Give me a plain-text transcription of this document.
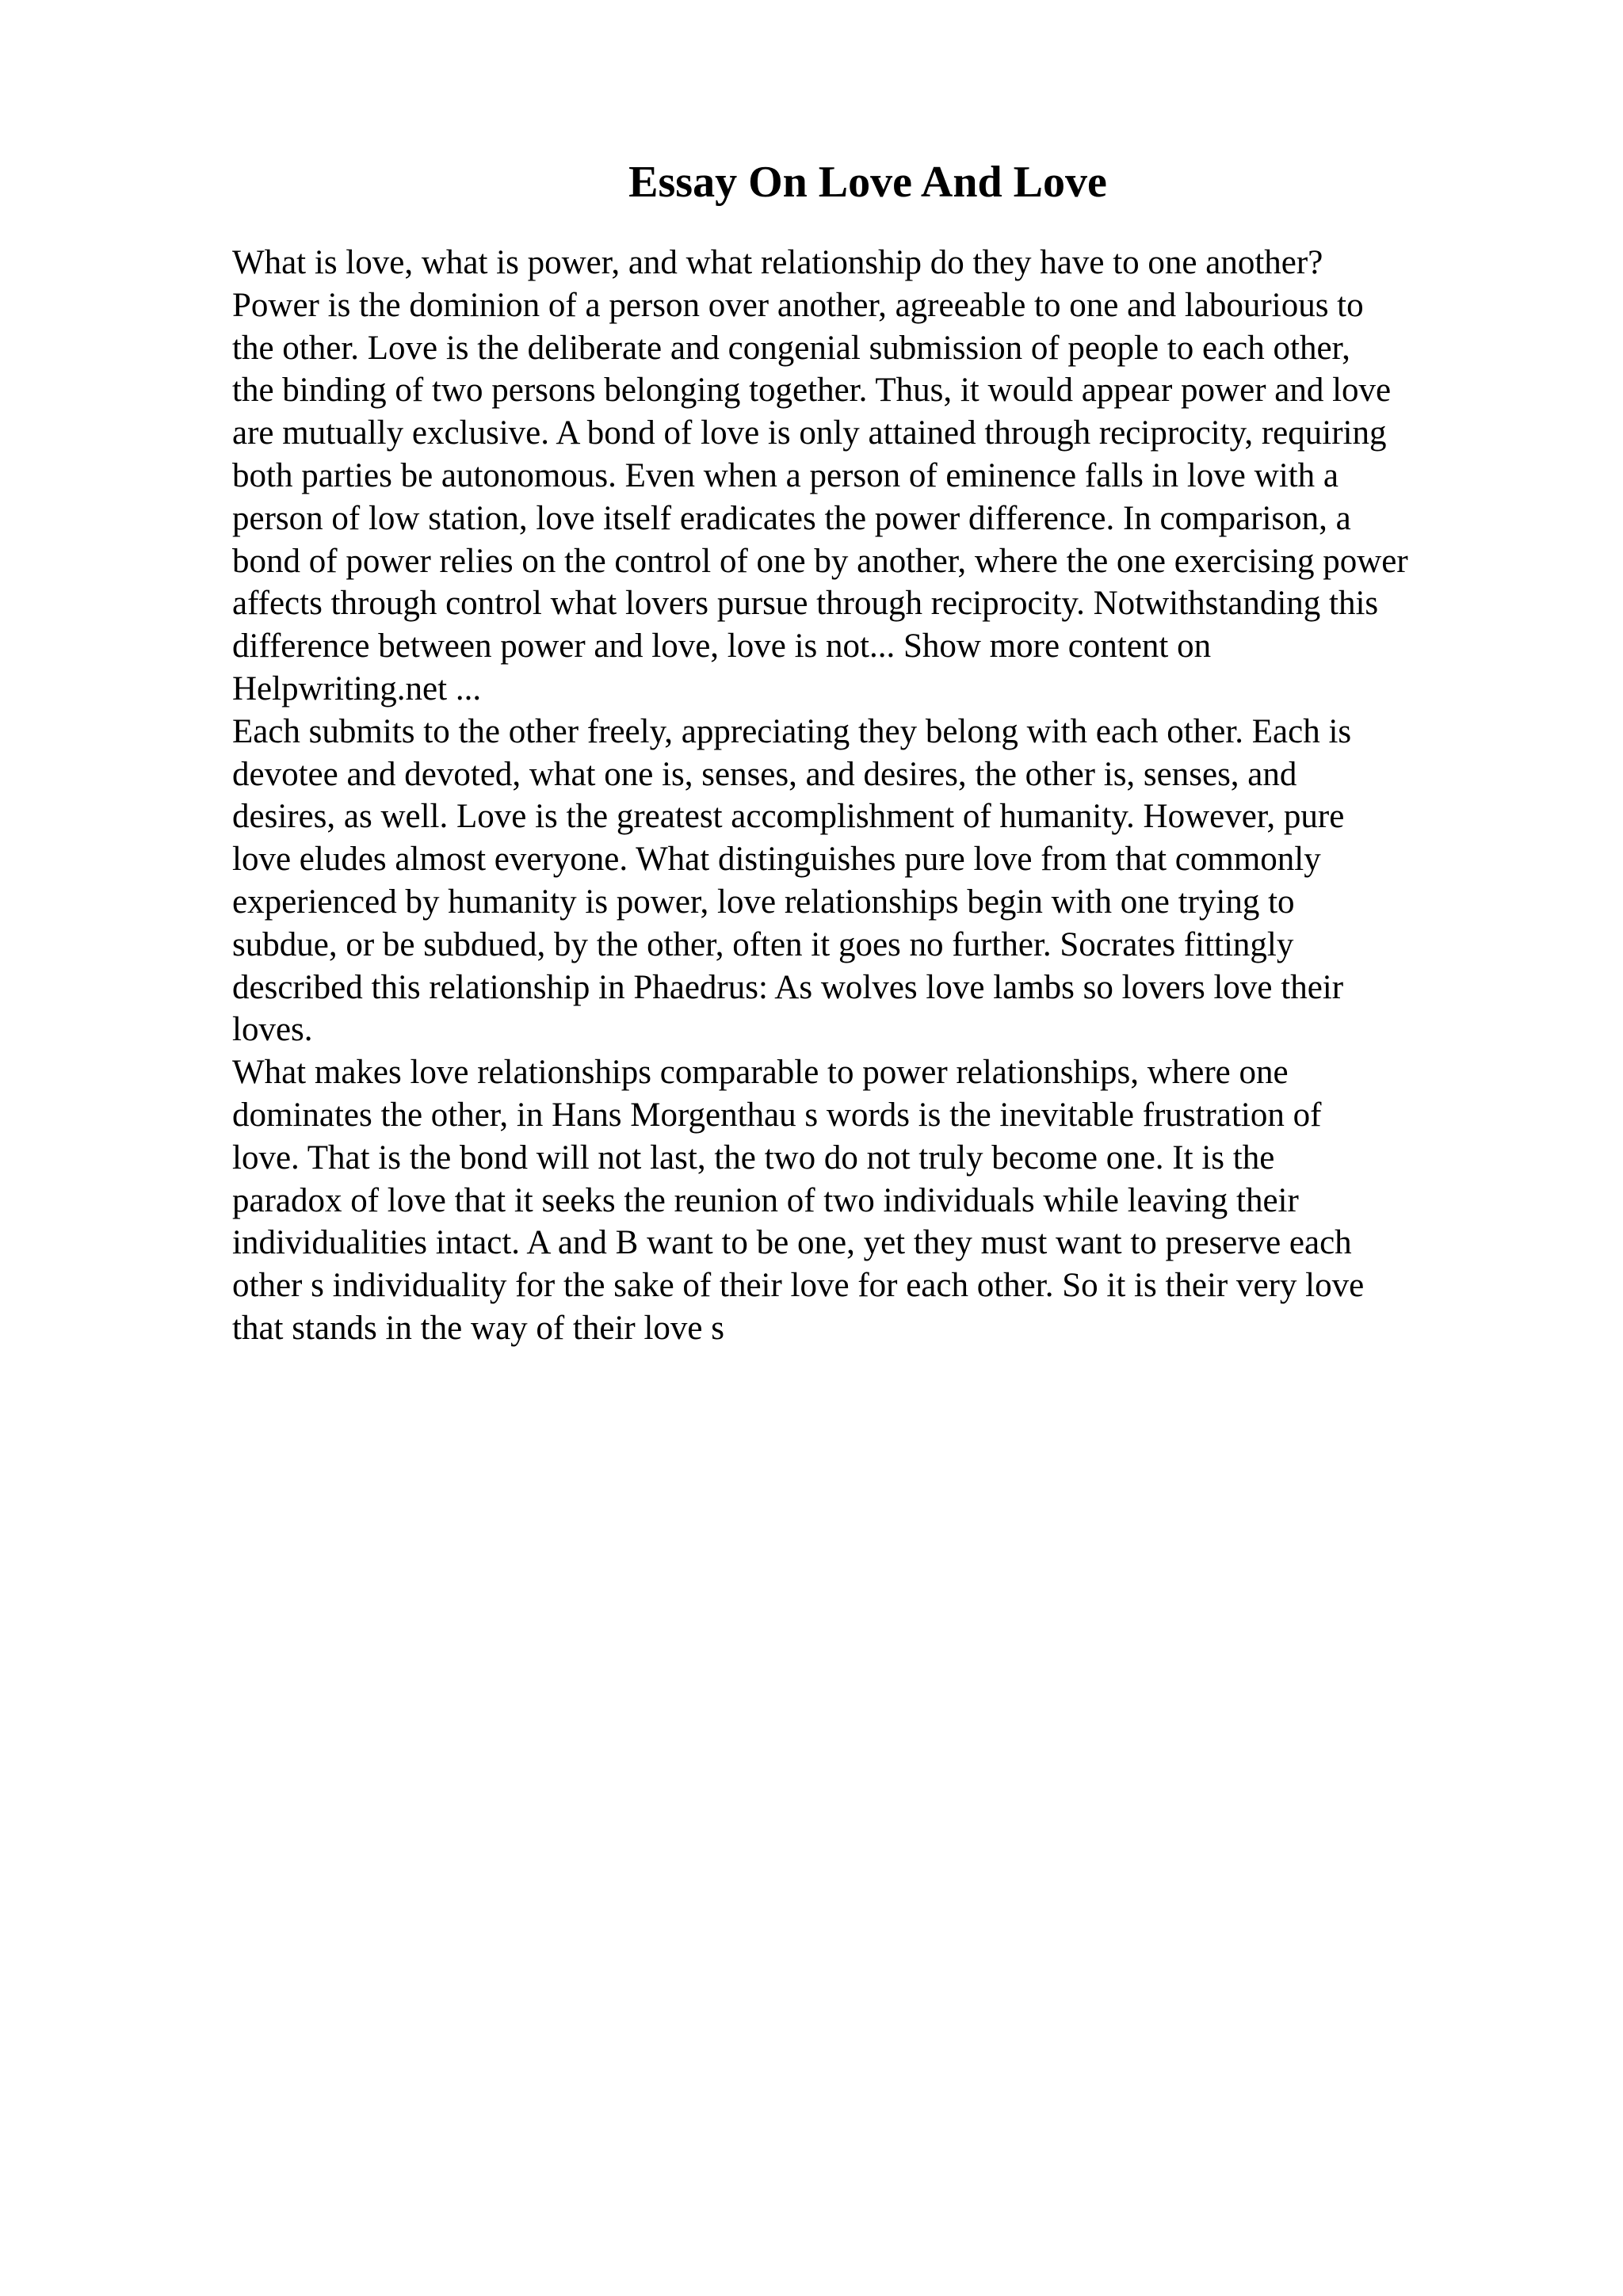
Essay On Love And Love
What is love, what is power, and what relationship do they have to one another?
Power is the dominion of a person over another, agreeable to one and labourious to
the other. Love is the deliberate and congenial submission of people to each other,
the binding of two persons belonging together. Thus, it would appear power and love
are mutually exclusive. A bond of love is only attained through reciprocity, requiring
both parties be autonomous. Even when a person of eminence falls in love with a
person of low station, love itself eradicates the power difference. In comparison, a
bond of power relies on the control of one by another, where the one exercising power
affects through control what lovers pursue through reciprocity. Notwithstanding this
difference between power and love, love is not... Show more content on
Helpwriting.net ...
Each submits to the other freely, appreciating they belong with each other. Each is
devotee and devoted, what one is, senses, and desires, the other is, senses, and
desires, as well. Love is the greatest accomplishment of humanity. However, pure
love eludes almost everyone. What distinguishes pure love from that commonly
experienced by humanity is power, love relationships begin with one trying to
subdue, or be subdued, by the other, often it goes no further. Socrates fittingly
described this relationship in Phaedrus: As wolves love lambs so lovers love their
loves.
What makes love relationships comparable to power relationships, where one
dominates the other, in Hans Morgenthau s words is the inevitable frustration of
love. That is the bond will not last, the two do not truly become one. It is the
paradox of love that it seeks the reunion of two individuals while leaving their
individualities intact. A and B want to be one, yet they must want to preserve each
other s individuality for the sake of their love for each other. So it is their very love
that stands in the way of their love s
